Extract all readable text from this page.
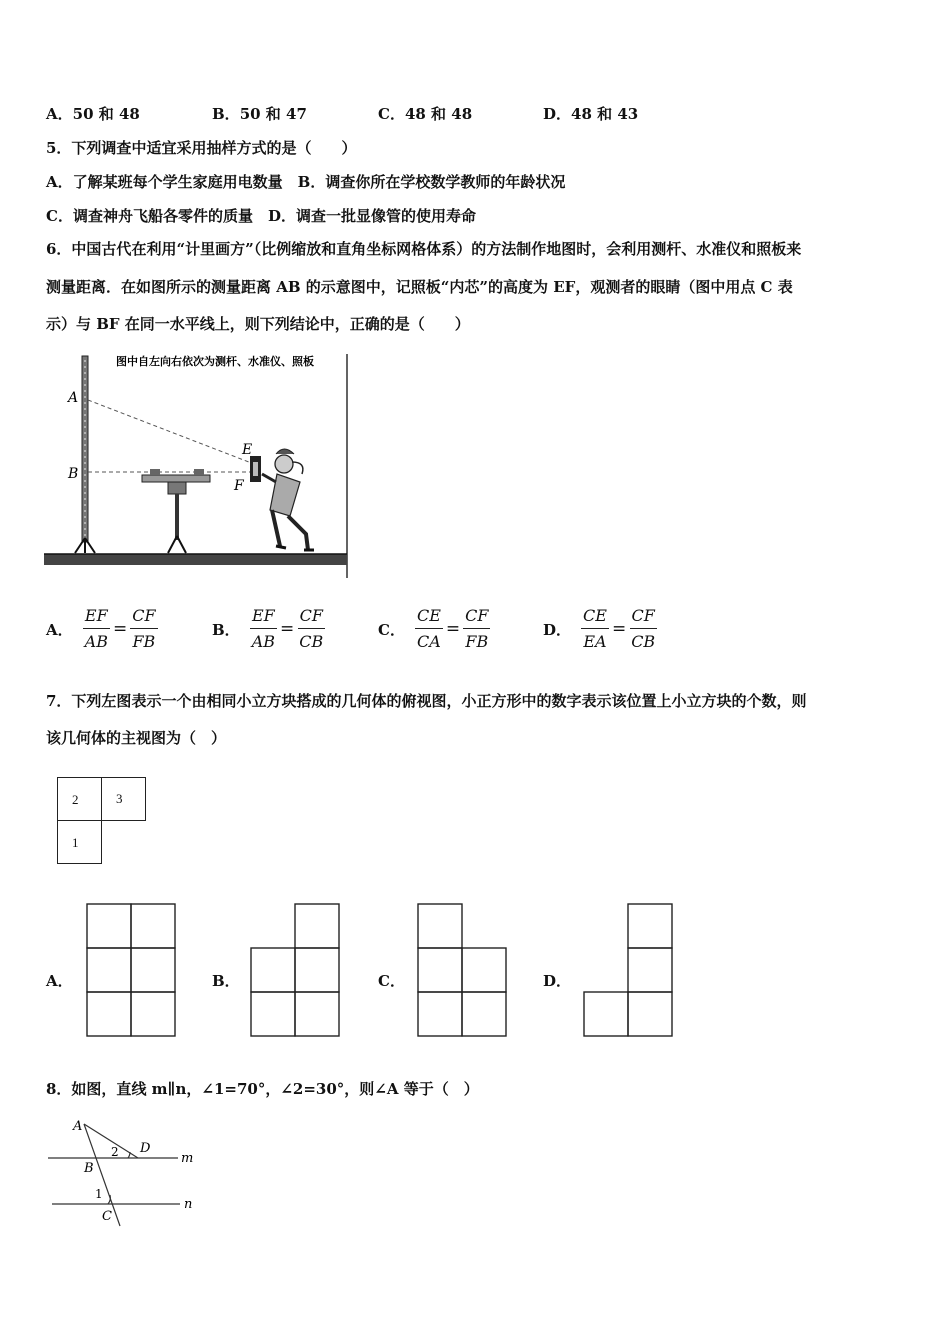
A．50 和 48	B．50 和 47	C．48 和 48	D．48 和 43
5．下列调查中适宜采用抽样方式的是（　　）
A．了解某班每个学生家庭用电数量　B．调查你所在学校数学教师的年龄状况
C．调查神舟飞船各零件的质量　D．调查一批显像管的使用寿命
6．中国古代在利用“计里画方”（比例缩放和直角坐标网格体系）的方法制作地图时，会利用测杆、水准仪和照板来
测量距离．在如图所示的测量距离 AB 的示意图中，记照板“内芯”的高度为 EF，观测者的眼睛（图中用点 C 表
示）与 BF 在同一水平线上，则下列结论中，正确的是（　　）
图中自左向右依次为测杆、水准仪、照板
A
B
E
F
A． $\frac{EF}{AB} = \frac{CF}{FB}$	B． $\frac{EF}{AB} = \frac{CF}{CB}$	C． $\frac{CE}{CA} = \frac{CF}{FB}$	D． $\frac{CE}{EA} = \frac{CF}{CB}$
7．下列左图表示一个由相同小立方块搭成的几何体的俯视图，小正方形中的数字表示该位置上小立方块的个数，则
该几何体的主视图为（　）
2	3
1
A．	B．	C．	D．
8．如图，直线 m∥n，∠1=70°，∠2=30°，则∠A 等于（　）
A
B
C
D
m
n
1
2
